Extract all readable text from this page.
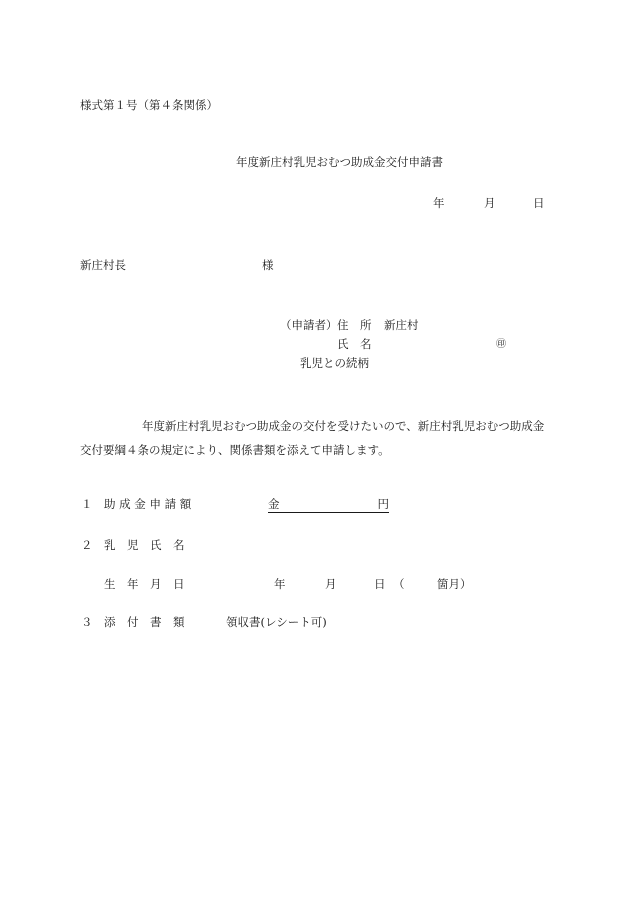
様式第１号（第４条関係）
年度新庄村乳児おむつ助成金交付申請書
年	月	日
新庄村長	様
（申請者） 住　所 新庄村
氏　名	㊞
乳児との続柄
年度新庄村乳児おむつ助成金の交付を受けたいので、新庄村乳児おむつ助成金交付要綱４条の規定により、関係書類を添えて申請します。
１ 助 成 金 申 請 額	金	円
２ 乳　児　氏　名
生　年　月　日	年	月	日 （	箇月）
３ 添　付　書　類	領収書(レシート可)
